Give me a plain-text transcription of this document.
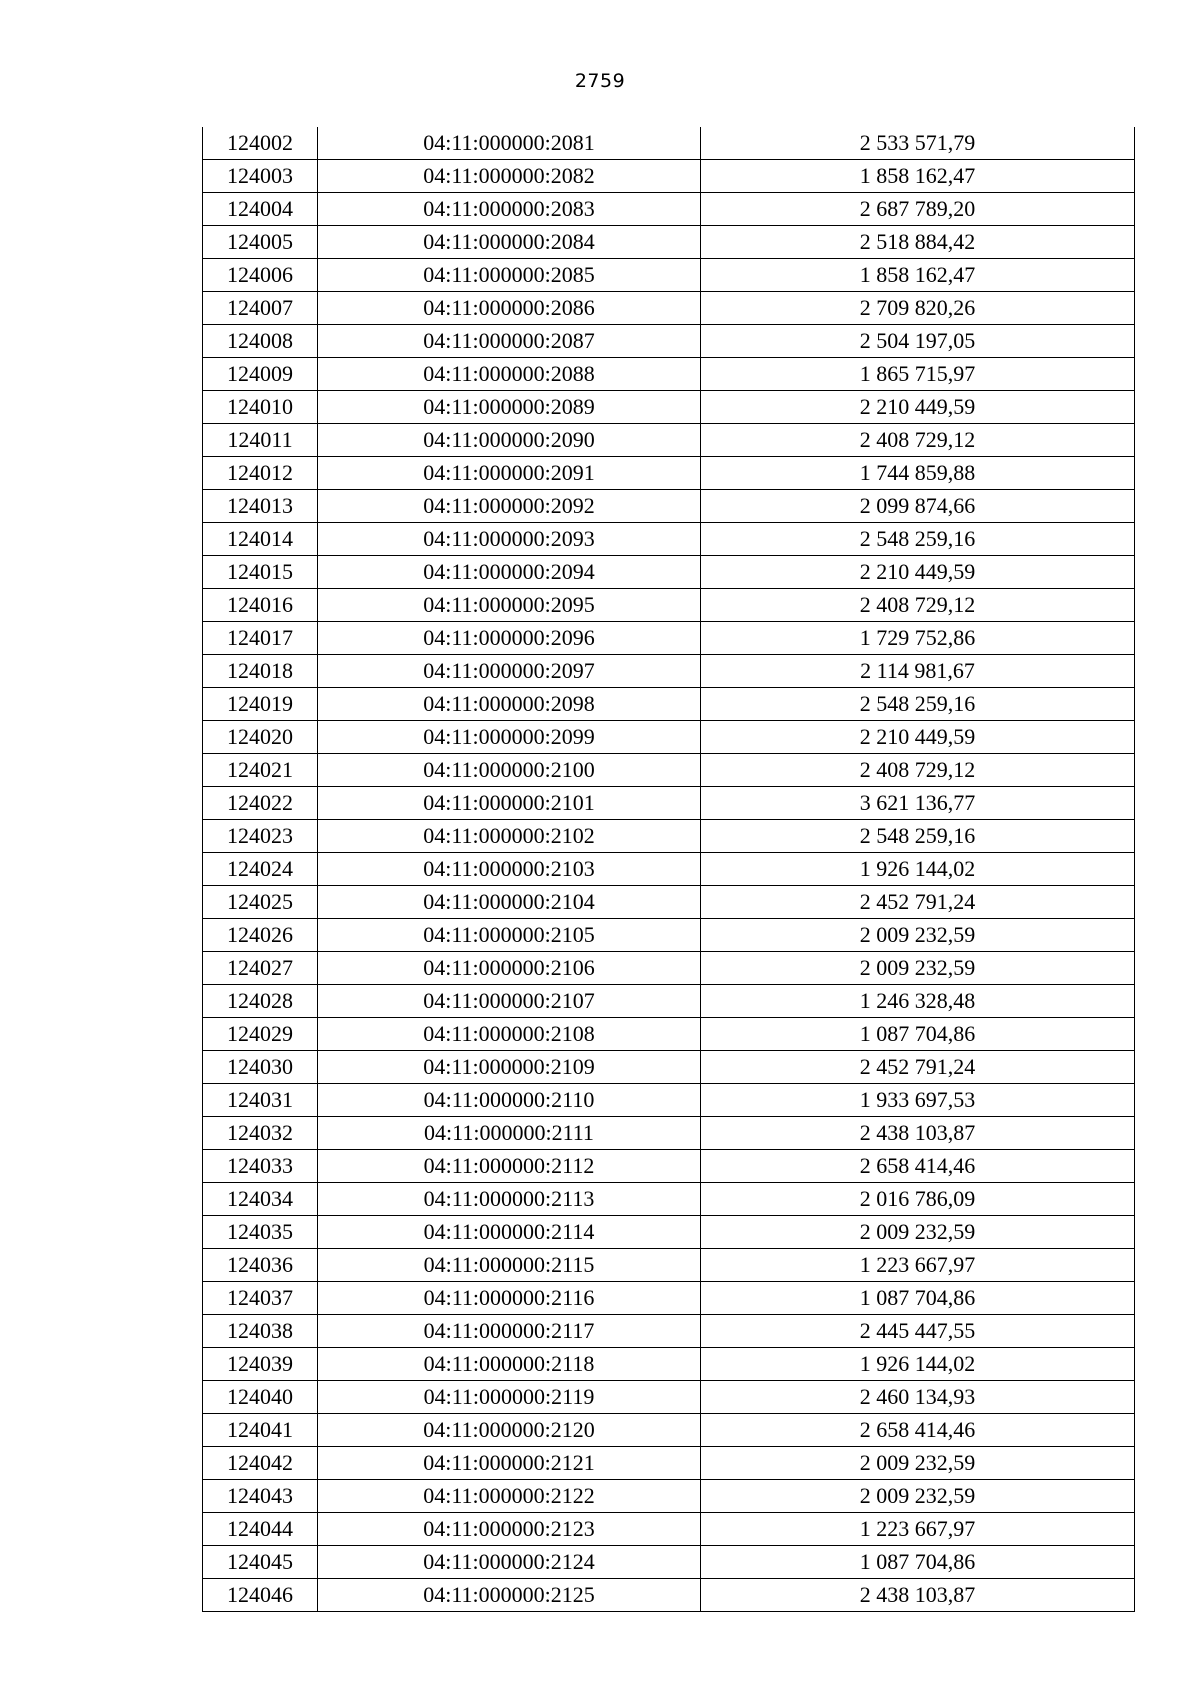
2759
124002	04:11:000000:2081	2 533 571,79
124003	04:11:000000:2082	1 858 162,47
124004	04:11:000000:2083	2 687 789,20
124005	04:11:000000:2084	2 518 884,42
124006	04:11:000000:2085	1 858 162,47
124007	04:11:000000:2086	2 709 820,26
124008	04:11:000000:2087	2 504 197,05
124009	04:11:000000:2088	1 865 715,97
124010	04:11:000000:2089	2 210 449,59
124011	04:11:000000:2090	2 408 729,12
124012	04:11:000000:2091	1 744 859,88
124013	04:11:000000:2092	2 099 874,66
124014	04:11:000000:2093	2 548 259,16
124015	04:11:000000:2094	2 210 449,59
124016	04:11:000000:2095	2 408 729,12
124017	04:11:000000:2096	1 729 752,86
124018	04:11:000000:2097	2 114 981,67
124019	04:11:000000:2098	2 548 259,16
124020	04:11:000000:2099	2 210 449,59
124021	04:11:000000:2100	2 408 729,12
124022	04:11:000000:2101	3 621 136,77
124023	04:11:000000:2102	2 548 259,16
124024	04:11:000000:2103	1 926 144,02
124025	04:11:000000:2104	2 452 791,24
124026	04:11:000000:2105	2 009 232,59
124027	04:11:000000:2106	2 009 232,59
124028	04:11:000000:2107	1 246 328,48
124029	04:11:000000:2108	1 087 704,86
124030	04:11:000000:2109	2 452 791,24
124031	04:11:000000:2110	1 933 697,53
124032	04:11:000000:2111	2 438 103,87
124033	04:11:000000:2112	2 658 414,46
124034	04:11:000000:2113	2 016 786,09
124035	04:11:000000:2114	2 009 232,59
124036	04:11:000000:2115	1 223 667,97
124037	04:11:000000:2116	1 087 704,86
124038	04:11:000000:2117	2 445 447,55
124039	04:11:000000:2118	1 926 144,02
124040	04:11:000000:2119	2 460 134,93
124041	04:11:000000:2120	2 658 414,46
124042	04:11:000000:2121	2 009 232,59
124043	04:11:000000:2122	2 009 232,59
124044	04:11:000000:2123	1 223 667,97
124045	04:11:000000:2124	1 087 704,86
124046	04:11:000000:2125	2 438 103,87
